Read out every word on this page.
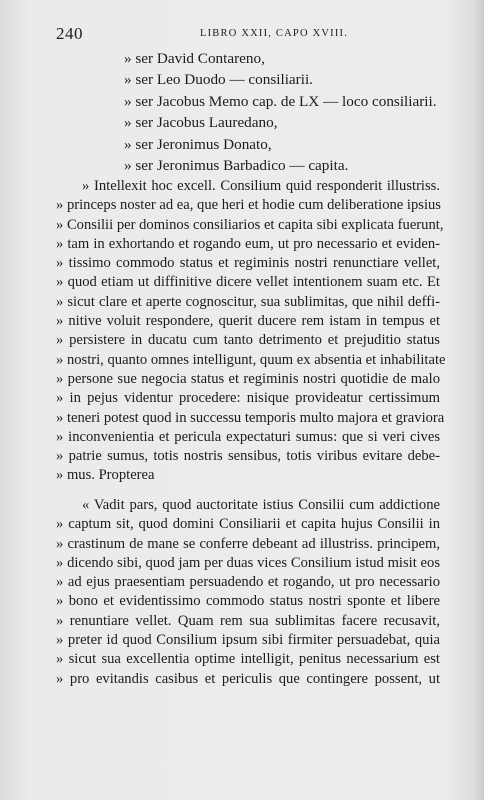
240	LIBRO XXII, CAPO XVIII.
» ser David Contareno,
» ser Leo Duodo — consiliarii.
» ser Jacobus Memo cap. de LX — loco consiliarii.
» ser Jacobus Lauredano,
» ser Jeronimus Donato,
» ser Jeronimus Barbadico — capita.
» Intellexit hoc excell. Consilium quid responderit illustriss.
» princeps noster ad ea, que heri et hodie cum deliberatione ipsius
» Consilii per dominos consiliarios et capita sibi explicata fuerunt,
» tam in exhortando et rogando eum, ut pro necessario et eviden-
» tissimo commodo status et regiminis nostri renunctiare vellet,
» quod etiam ut diffinitive dicere vellet intentionem suam etc. Et
» sicut clare et aperte cognoscitur, sua sublimitas, que nihil deffi-
» nitive voluit respondere, querit ducere rem istam in tempus et
» persistere in ducatu cum tanto detrimento et prejuditio status
» nostri, quanto omnes intelligunt, quum ex absentia et inhabilitate
» persone sue negocia status et regiminis nostri quotidie de malo
» in pejus videntur procedere: nisique provideatur certissimum
» teneri potest quod in successu temporis multo majora et graviora
» inconvenientia et pericula expectaturi sumus: que si veri cives
» patrie sumus, totis nostris sensibus, totis viribus evitare debe-
» mus. Propterea
« Vadit pars, quod auctoritate istius Consilii cum addictione
» captum sit, quod domini Consiliarii et capita hujus Consilii in
» crastinum de mane se conferre debeant ad illustriss. principem,
» dicendo sibi, quod jam per duas vices Consilium istud misit eos
» ad ejus praesentiam persuadendo et rogando, ut pro necessario
» bono et evidentissimo commodo status nostri sponte et libere
» renuntiare vellet. Quam rem sua sublimitas facere recusavit,
» preter id quod Consilium ipsum sibi firmiter persuadebat, quia
» sicut sua excellentia optime intelligit, penitus necessarium est
» pro evitandis casibus et periculis que contingere possent, ut
